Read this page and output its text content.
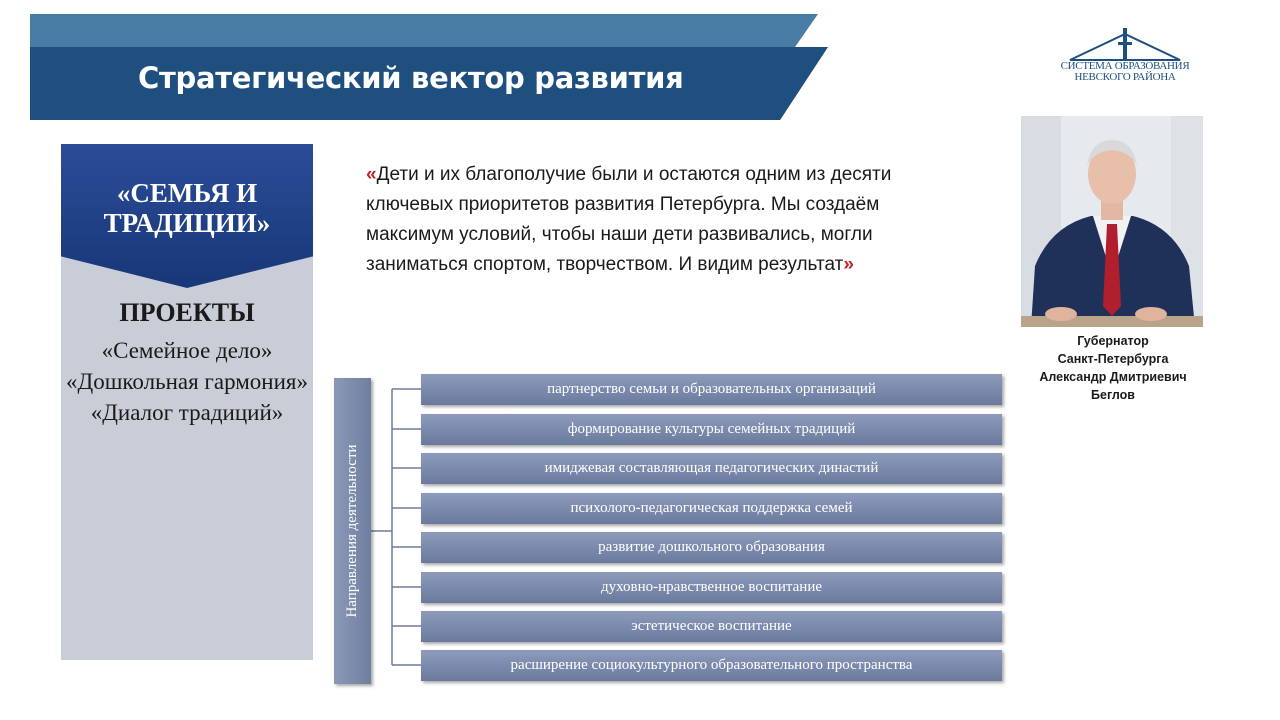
Стратегический вектор развития	СИСТЕМА ОБРАЗОВАНИЯ
НЕВСКОГО РАЙОНА
«СЕМЬЯ И
ТРАДИЦИИ»
ПРОЕКТЫ
«Семейное дело»
«Дошкольная гармония»
«Диалог традиций»

«Дети и их благополучие были и остаются одним из десяти ключевых приоритетов развития Петербурга. Мы создаём максимум условий, чтобы наши дети развивались, могли заниматься спортом, творчеством. И видим результат»

Губернатор
Санкт-Петербурга
Александр Дмитриевич
Беглов
Направления деятельности
партнерство семьи и образовательных организаций
формирование культуры семейных традиций
имиджевая составляющая педагогических династий
психолого-педагогическая поддержка семей
развитие дошкольного образования
духовно-нравственное воспитание
эстетическое воспитание
расширение социокультурного образовательного пространства
